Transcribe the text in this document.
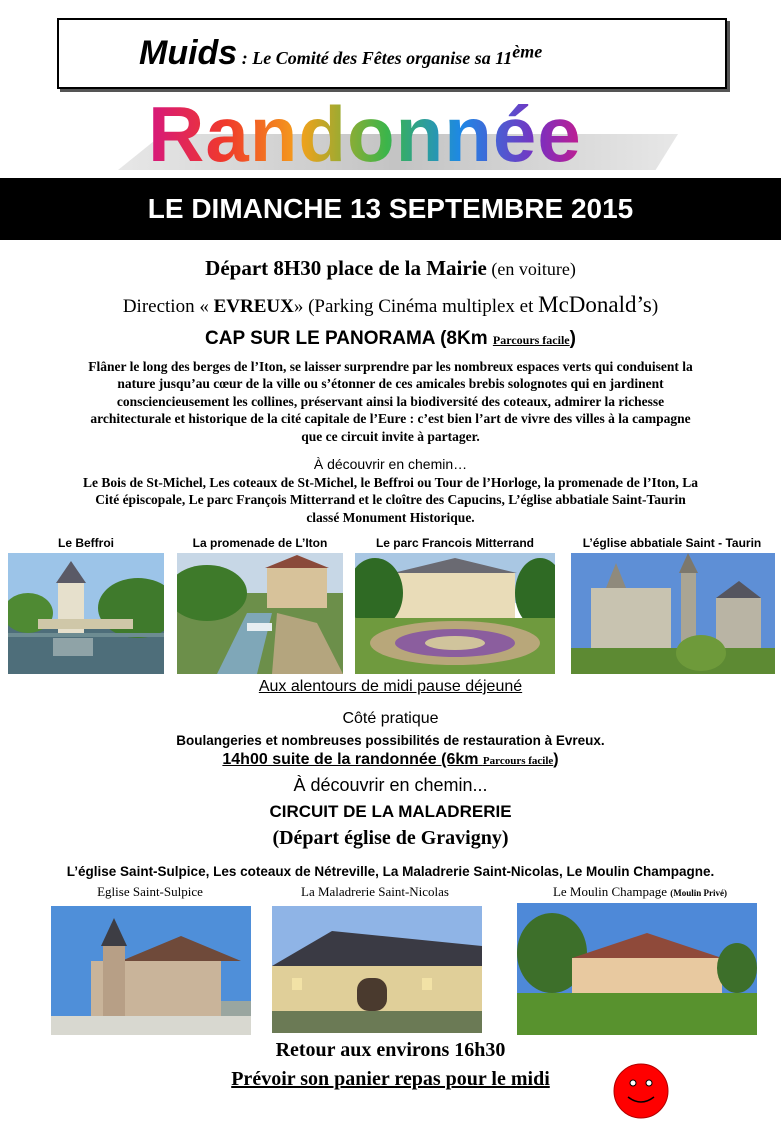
Muids : Le Comité des Fêtes organise sa 11ème
Randonnée
LE DIMANCHE 13 SEPTEMBRE 2015
Départ 8H30 place de la Mairie (en voiture)
Direction « EVREUX» (Parking Cinéma multiplex et McDonald’s)
CAP SUR LE PANORAMA (8Km Parcours facile)
Flâner le long des berges de l’Iton, se laisser surprendre par les nombreux espaces verts qui conduisent la
nature jusqu’au cœur de la ville ou s’étonner de ces amicales brebis solognotes qui en jardinent
consciencieusement les collines, préservant ainsi la biodiversité des coteaux, admirer la richesse
architecturale et historique de la cité capitale de l’Eure : c’est bien l’art de vivre des villes à la campagne
que ce circuit invite à partager.
À découvrir en chemin…
Le Bois de St-Michel, Les coteaux de St-Michel, le Beffroi ou Tour de l’Horloge, la promenade de l’Iton, La
Cité épiscopale, Le parc François Mitterrand et le cloître des Capucins, L’église abbatiale Saint-Taurin
classé Monument Historique.
Le Beffroi	La promenade de L’Iton	Le parc Francois Mitterrand	L’église abbatiale Saint - Taurin
Aux alentours de midi pause déjeuné
Côté pratique
Boulangeries et nombreuses possibilités de restauration à Evreux.
14h00 suite de la randonnée (6km Parcours facile)
À découvrir en chemin...
CIRCUIT DE LA MALADRERIE
(Départ église de Gravigny)
L’église Saint-Sulpice, Les coteaux de Nétreville, La Maladrerie Saint-Nicolas, Le Moulin Champagne.
Eglise Saint-Sulpice	La Maladrerie Saint-Nicolas	Le Moulin Champage (Moulin Privé)
Retour aux environs 16h30
Prévoir son panier repas pour le midi
